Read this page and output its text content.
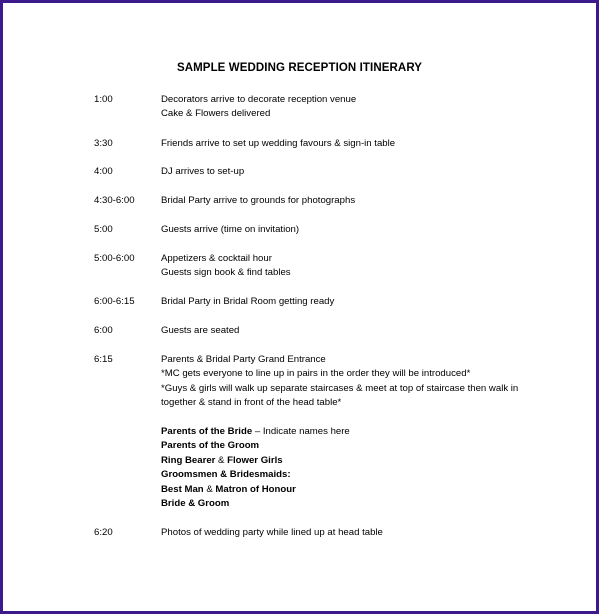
SAMPLE WEDDING RECEPTION ITINERARY
1:00	Decorators arrive to decorate reception venue
Cake & Flowers delivered
3:30	Friends arrive to set up wedding favours & sign-in table
4:00	DJ arrives to set-up
4:30-6:00	Bridal Party arrive to grounds for photographs
5:00	Guests arrive (time on invitation)
5:00-6:00	Appetizers & cocktail hour
Guests sign book & find tables
6:00-6:15	Bridal Party in Bridal Room getting ready
6:00	Guests are seated
6:15	Parents & Bridal Party Grand Entrance
*MC gets everyone to line up in pairs in the order they will be introduced*
*Guys & girls will walk up separate staircases & meet at top of staircase then walk in
together & stand in front of the head table*
Parents of the Bride – Indicate names here
Parents of the Groom
Ring Bearer & Flower Girls
Groomsmen & Bridesmaids:
Best Man & Matron of Honour
Bride & Groom
6:20	Photos of wedding party while lined up at head table
